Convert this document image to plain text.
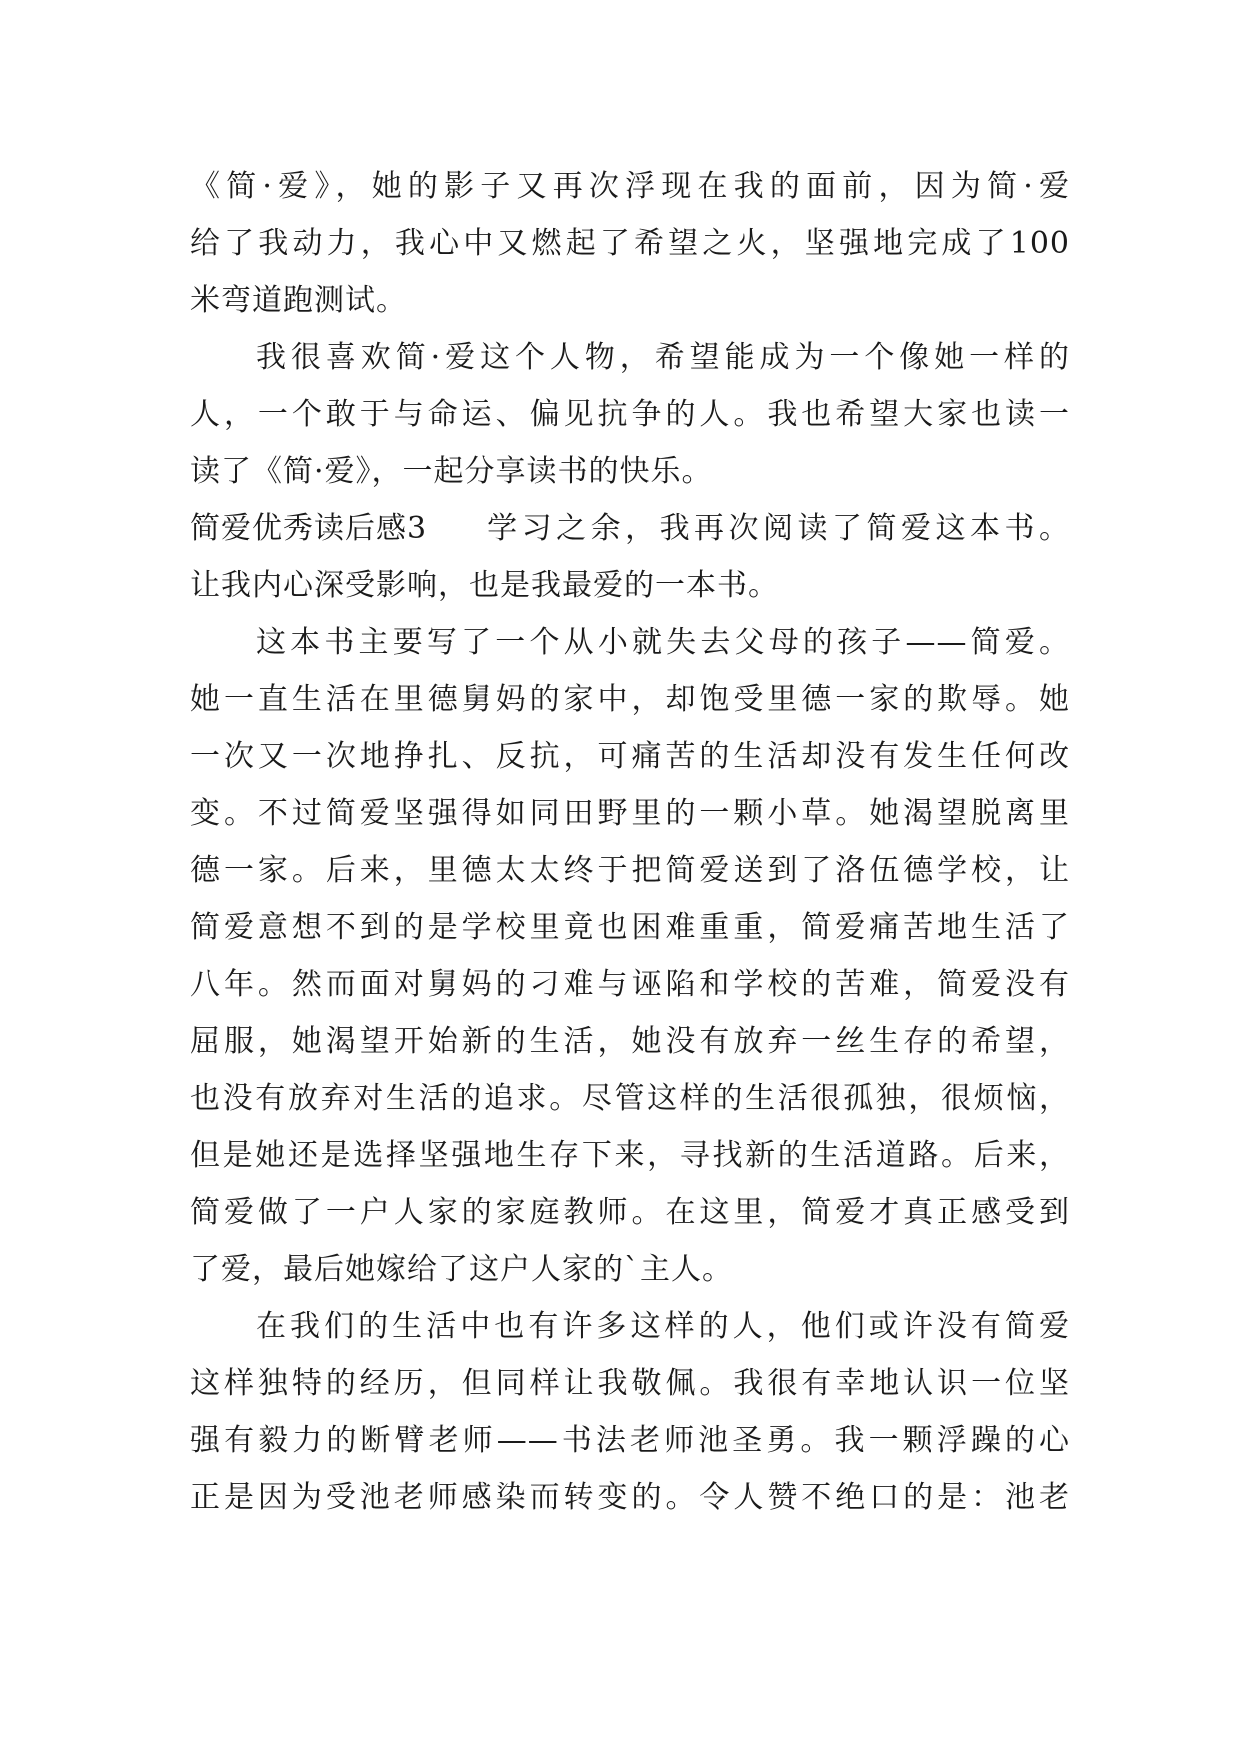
《简·爱》，她的影子又再次浮现在我的面前，因为简·爱
给了我动力，我心中又燃起了希望之火，坚强地完成了100
米弯道跑测试。
我很喜欢简·爱这个人物，希望能成为一个像她一样的
人，一个敢于与命运、偏见抗争的人。我也希望大家也读一
读了《简·爱》，一起分享读书的快乐。
简爱优秀读后感3 学习之余，我再次阅读了简爱这本书。
让我内心深受影响，也是我最爱的一本书。
这本书主要写了一个从小就失去父母的孩子——简爱。
她一直生活在里德舅妈的家中，却饱受里德一家的欺辱。她
一次又一次地挣扎、反抗，可痛苦的生活却没有发生任何改
变。不过简爱坚强得如同田野里的一颗小草。她渴望脱离里
德一家。后来，里德太太终于把简爱送到了洛伍德学校，让
简爱意想不到的是学校里竟也困难重重，简爱痛苦地生活了
八年。然而面对舅妈的刁难与诬陷和学校的苦难，简爱没有
屈服，她渴望开始新的生活，她没有放弃一丝生存的希望，
也没有放弃对生活的追求。尽管这样的生活很孤独，很烦恼，
但是她还是选择坚强地生存下来，寻找新的生活道路。后来，
简爱做了一户人家的家庭教师。在这里，简爱才真正感受到
了爱，最后她嫁给了这户人家的`主人。
在我们的生活中也有许多这样的人，他们或许没有简爱
这样独特的经历，但同样让我敬佩。我很有幸地认识一位坚
强有毅力的断臂老师——书法老师池圣勇。我一颗浮躁的心
正是因为受池老师感染而转变的。令人赞不绝口的是：池老
